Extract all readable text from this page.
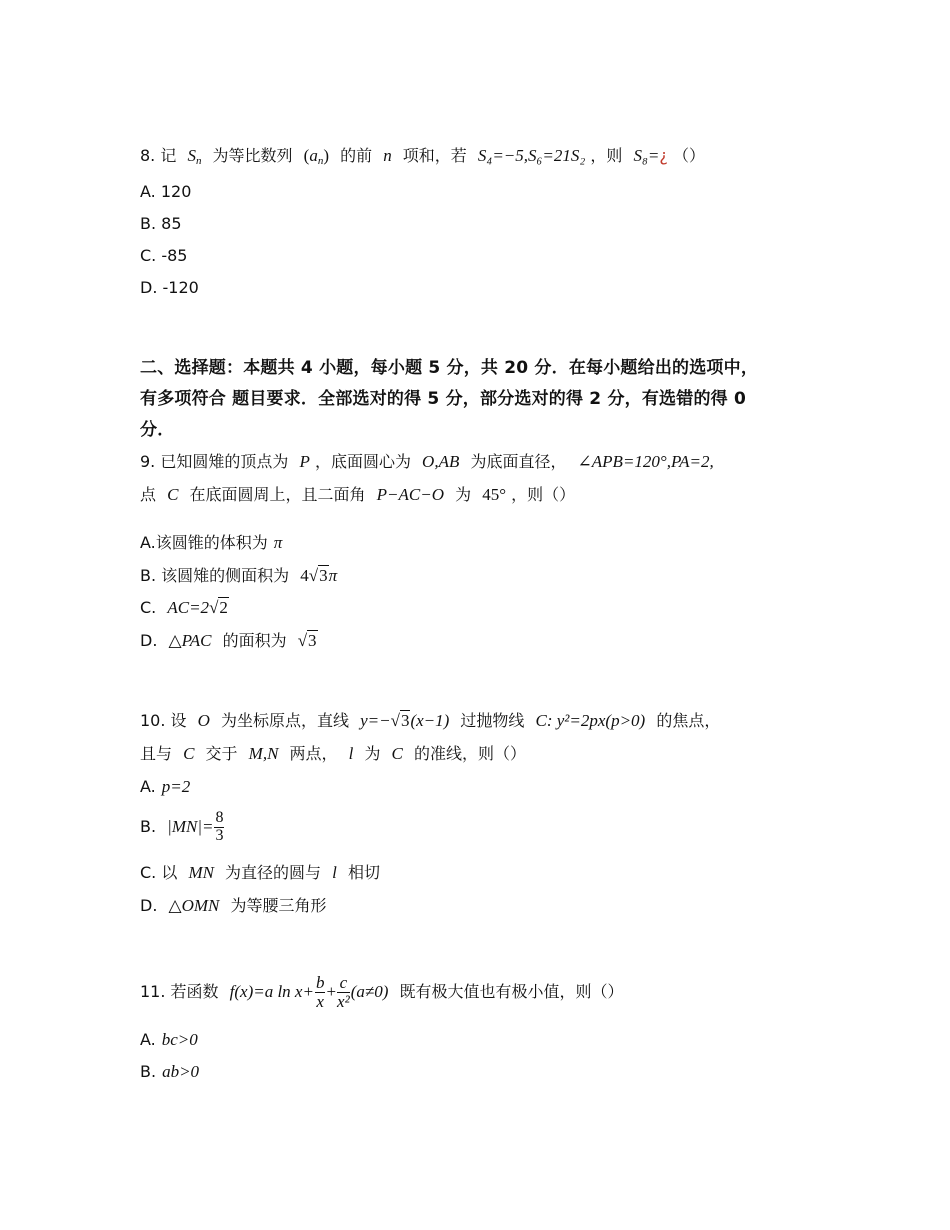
8. 记 $S_n$ 为等比数列 $(a_n)$ 的前 n 项和，若 S₄=−5,S₆=21S₂ ，则 S₈=¿ （）
A. 120
B. 85
C. -85
D. -120
二、选择题：本题共 4 小题，每小题 5 分，共 20 分．在每小题给出的选项中，
有多项符合 题目要求．全部选对的得 5 分，部分选对的得 2 分，有选错的得 0
分．
9. 已知圆雉的顶点为 P ，底面圆心为 O,AB 为底面直径， ∠APB=120°,PA=2,
点 C 在底面圆周上，且二面角 P−AC−O 为 45° ，则（）
A.该圆锥的体积为 π
B. 该圆雉的侧面积为 4√3π
C. AC=2√2
D. △PAC 的面积为 √3
10. 设 O 为坐标原点，直线 y=−√3(x−1) 过抛物线 C: y²=2px(p>0) 的焦点，
且与 C 交于 M,N 两点， l 为 C 的准线，则（）
A. p=2
B. $|MN|= \frac{8}{3}$
C. 以 MN 为直径的圆与 l 相切
D. △OMN 为等腰三角形
11. 若函数 f(x)=a $\ln x+ \frac{b}{x} + \frac{c}{\text{x²}} (a\ne 0)$ 既有极大值也有极小值，则（）
A. bc>0
B. ab>0
